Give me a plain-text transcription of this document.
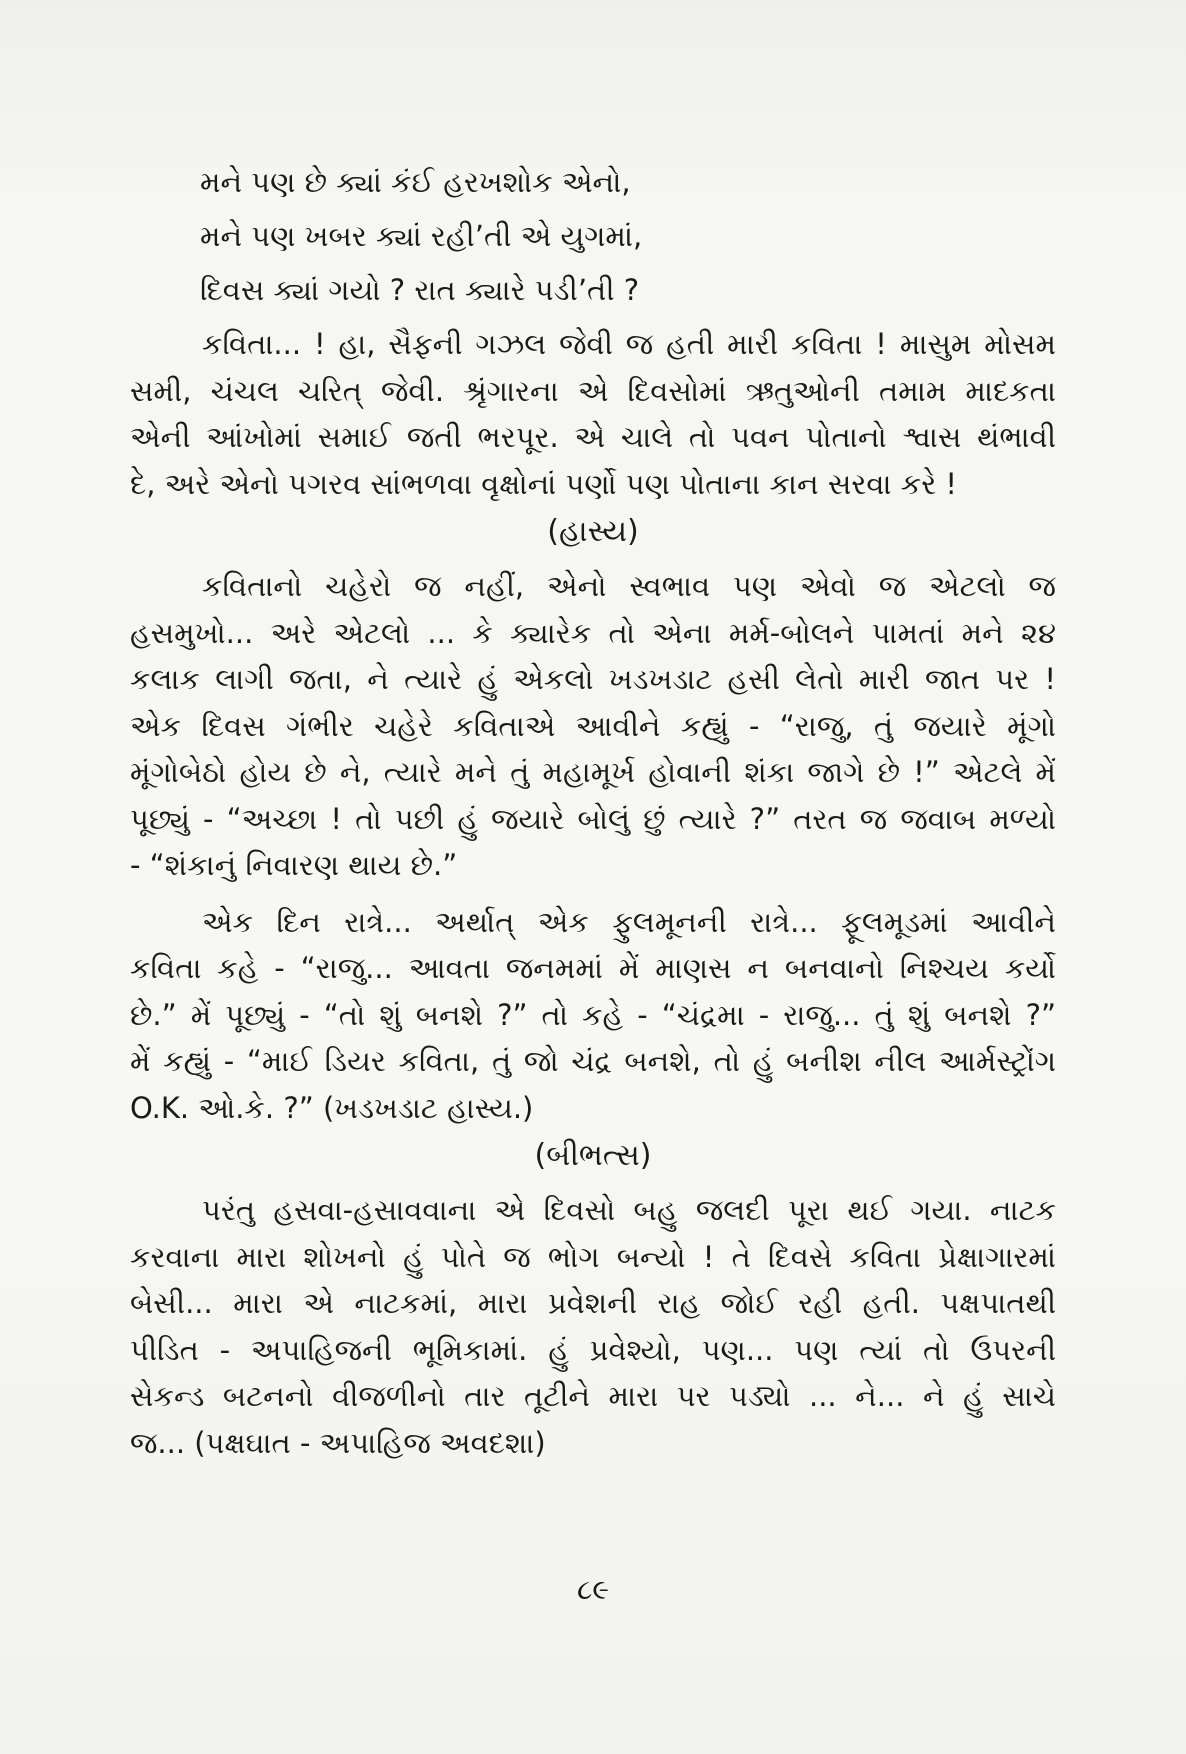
મને પણ છે ક્યાં કંઈ હરખશોક એનો,
મને પણ ખબર ક્યાં રહી’તી એ યુગમાં,
દિવસ ક્યાં ગયો ? રાત ક્યારે પડી’તી ?
કવિતા... ! હા, સૈફની ગઝલ જેવી જ હતી મારી કવિતા ! માસુમ મોસમ
સમી, ચંચલ ચરિત્ જેવી. શ્રૃંગારના એ દિવસોમાં ઋતુઓની તમામ માદકતા
એની આંખોમાં સમાઈ જતી ભરપૂર. એ ચાલે તો પવન પોતાનો શ્વાસ થંભાવી
દે, અરે એનો પગરવ સાંભળવા વૃક્ષોનાં પર્ણો પણ પોતાના કાન સરવા કરે !
(હાસ્ય)
કવિતાનો ચહેરો જ નહીં, એનો સ્વભાવ પણ એવો જ એટલો જ
હસમુખો... અરે એટલો ... કે ક્યારેક તો એના મર્મ-બોલને પામતાં મને ૨૪
કલાક લાગી જતા, ને ત્યારે હું એકલો ખડખડાટ હસી લેતો મારી જાત પર !
એક દિવસ ગંભીર ચહેરે કવિતાએ આવીને કહ્યું - “રાજુ, તું જયારે મૂંગો
મૂંગોબેઠો હોય છે ને, ત્યારે મને તું મહામૂર્ખ હોવાની શંકા જાગે છે !” એટલે મેં
પૂછ્યું - “અચ્છા ! તો પછી હું જયારે બોલું છું ત્યારે ?” તરત જ જવાબ મળ્યો
- “શંકાનું નિવારણ થાય છે.”
એક દિન રાત્રે... અર્થાત્ એક ફુલમૂનની રાત્રે... ફૂલમૂડમાં આવીને
કવિતા કહે - “રાજુ... આવતા જનમમાં મેં માણસ ન બનવાનો નિશ્ચય કર્યો
છે.” મેં પૂછ્યું - “તો શું બનશે ?” તો કહે - “ચંદ્રમા - રાજુ... તું શું બનશે ?”
મેં કહ્યું - “માઈ ડિયર કવિતા, તું જો ચંદ્ર બનશે, તો હું બનીશ નીલ આર્મસ્ટ્રોંગ
O.K. ઓ.કે. ?” (ખડખડાટ હાસ્ય.)
(બીભત્સ)
પરંતુ હસવા-હસાવવાના એ દિવસો બહુ જલદી પૂરા થઈ ગયા. નાટક
કરવાના મારા શોખનો હું પોતે જ ભોગ બન્યો ! તે દિવસે કવિતા પ્રેક્ષાગારમાં
બેસી... મારા એ નાટકમાં, મારા પ્રવેશની રાહ જોઈ રહી હતી. પક્ષપાતથી
પીડિત - અપાહિજની ભૂમિકામાં. હું પ્રવેશ્યો, પણ... પણ ત્યાં તો ઉપરની
સેકન્ડ બટનનો વીજળીનો તાર તૂટીને મારા પર પડ્યો ... ને... ને હું સાચે
જ... (પક્ષઘાત - અપાહિજ અવદશા)
૮૯
